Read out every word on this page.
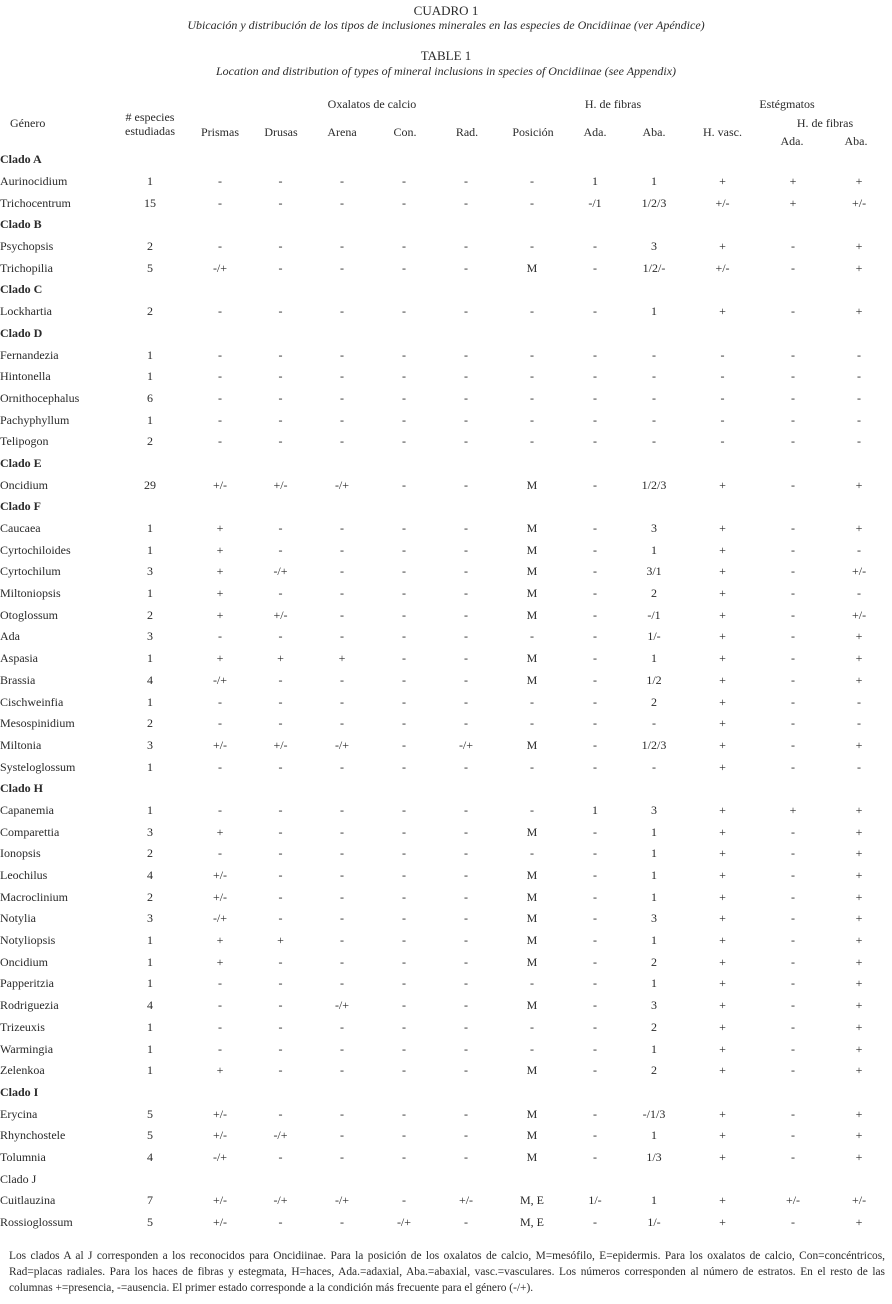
CUADRO 1
Ubicación y distribución de los tipos de inclusiones minerales en las especies de Oncidiinae (ver Apéndice)
TABLE 1
Location and distribution of types of mineral inclusions in species of Oncidiinae (see Appendix)
Género	# especies
estudiadas
Oxalatos de calcio	H. de fibras	Estégmatos
H. de fibras
Prismas	Drusas	Arena	Con.	Rad.	Posición	Ada.	Aba.	H. vasc.
Ada.	Aba.
Clado A												
Aurinocidium	1	-	-	-	-	-	-	1	1	+	+	+
Trichocentrum	15	-	-	-	-	-	-	-/1	1/2/3	+/-	+	+/-
Clado B												
Psychopsis	2	-	-	-	-	-	-	-	3	+	-	+
Trichopilia	5	-/+	-	-	-	-	M	-	1/2/-	+/-	-	+
Clado C												
Lockhartia	2	-	-	-	-	-	-	-	1	+	-	+
Clado D												
Fernandezia	1	-	-	-	-	-	-	-	-	-	-	-
Hintonella	1	-	-	-	-	-	-	-	-	-	-	-
Ornithocephalus	6	-	-	-	-	-	-	-	-	-	-	-
Pachyphyllum	1	-	-	-	-	-	-	-	-	-	-	-
Telipogon	2	-	-	-	-	-	-	-	-	-	-	-
Clado E												
Oncidium	29	+/-	+/-	-/+	-	-	M	-	1/2/3	+	-	+
Clado F												
Caucaea	1	+	-	-	-	-	M	-	3	+	-	+
Cyrtochiloides	1	+	-	-	-	-	M	-	1	+	-	-
Cyrtochilum	3	+	-/+	-	-	-	M	-	3/1	+	-	+/-
Miltoniopsis	1	+	-	-	-	-	M	-	2	+	-	-
Otoglossum	2	+	+/-	-	-	-	M	-	-/1	+	-	+/-
Ada	3	-	-	-	-	-	-	-	1/-	+	-	+
Aspasia	1	+	+	+	-	-	M	-	1	+	-	+
Brassia	4	-/+	-	-	-	-	M	-	1/2	+	-	+
Cischweinfia	1	-	-	-	-	-	-	-	2	+	-	-
Mesospinidium	2	-	-	-	-	-	-	-	-	+	-	-
Miltonia	3	+/-	+/-	-/+	-	-/+	M	-	1/2/3	+	-	+
Systeloglossum	1	-	-	-	-	-	-	-	-	+	-	-
Clado H												
Capanemia	1	-	-	-	-	-	-	1	3	+	+	+
Comparettia	3	+	-	-	-	-	M	-	1	+	-	+
Ionopsis	2	-	-	-	-	-	-	-	1	+	-	+
Leochilus	4	+/-	-	-	-	-	M	-	1	+	-	+
Macroclinium	2	+/-	-	-	-	-	M	-	1	+	-	+
Notylia	3	-/+	-	-	-	-	M	-	3	+	-	+
Notyliopsis	1	+	+	-	-	-	M	-	1	+	-	+
Oncidium	1	+	-	-	-	-	M	-	2	+	-	+
Papperitzia	1	-	-	-	-	-	-	-	1	+	-	+
Rodriguezia	4	-	-	-/+	-	-	M	-	3	+	-	+
Trizeuxis	1	-	-	-	-	-	-	-	2	+	-	+
Warmingia	1	-	-	-	-	-	-	-	1	+	-	+
Zelenkoa	1	+	-	-	-	-	M	-	2	+	-	+
Clado I												
Erycina	5	+/-	-	-	-	-	M	-	-/1/3	+	-	+
Rhynchostele	5	+/-	-/+	-	-	-	M	-	1	+	-	+
Tolumnia	4	-/+	-	-	-	-	M	-	1/3	+	-	+
Clado J												
Cuitlauzina	7	+/-	-/+	-/+	-	+/-	M, E	1/-	1	+	+/-	+/-
Rossioglossum	5	+/-	-	-	-/+	-	M, E	-	1/-	+	-	+
Los clados A al J corresponden a los reconocidos para Oncidiinae. Para la posición de los oxalatos de calcio, M=mesófilo, E=epidermis. Para los oxalatos de calcio, Con=concéntricos, Rad=placas radiales. Para los haces de fibras y estegmata, H=haces, Ada.=adaxial, Aba.=abaxial, vasc.=vasculares. Los números corresponden al número de estratos. En el resto de las columnas +=presencia, -=ausencia. El primer estado corresponde a la condición más frecuente para el género (-/+).
